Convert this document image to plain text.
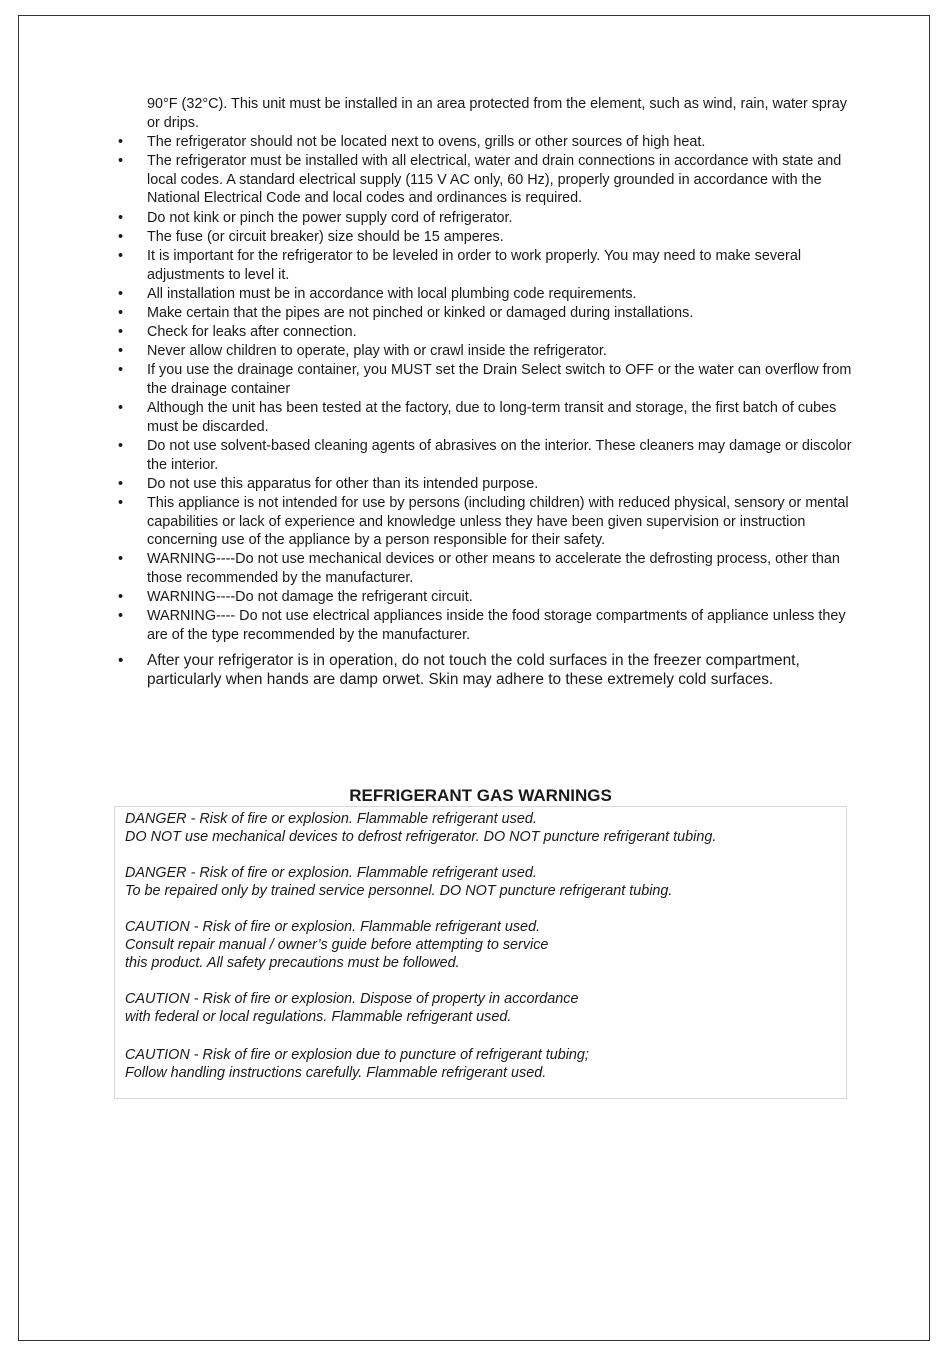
90°F (32°C). This unit must be installed in an area protected from the element, such as wind, rain, water spray or drips.
•	The refrigerator should not be located next to ovens, grills or other sources of high heat.
•	The refrigerator must be installed with all electrical, water and drain connections in accordance with state and local codes. A standard electrical supply (115 V AC only, 60 Hz), properly grounded in accordance with the National Electrical Code and local codes and ordinances is required.
•	Do not kink or pinch the power supply cord of refrigerator.
•	The fuse (or circuit breaker) size should be 15 amperes.
•	It is important for the refrigerator to be leveled in order to work properly. You may need to make several adjustments to level it.
•	All installation must be in accordance with local plumbing code requirements.
•	Make certain that the pipes are not pinched or kinked or damaged during installations.
•	Check for leaks after connection.
•	Never allow children to operate, play with or crawl inside the refrigerator.
•	If you use the drainage container, you MUST set the Drain Select switch to OFF or the water can overflow from the drainage container
•	Although the unit has been tested at the factory, due to long-term transit and storage, the first batch of cubes must be discarded.
•	Do not use solvent-based cleaning agents of abrasives on the interior. These cleaners may damage or discolor the interior.
•	Do not use this apparatus for other than its intended purpose.
•	This appliance is not intended for use by persons (including children) with reduced physical, sensory or mental capabilities or lack of experience and knowledge unless they have been given supervision or instruction concerning use of the appliance by a person responsible for their safety.
•	WARNING----Do not use mechanical devices or other means to accelerate the defrosting process, other than those recommended by the manufacturer.
•	WARNING----Do not damage the refrigerant circuit.
•	WARNING---- Do not use electrical appliances inside the food storage compartments of appliance unless they are of the type recommended by the manufacturer.
•	After your refrigerator is in operation, do not touch the cold surfaces in the freezer compartment, particularly when hands are damp orwet. Skin may adhere to these extremely cold surfaces.
REFRIGERANT GAS WARNINGS
DANGER - Risk of fire or explosion. Flammable refrigerant used.
DO NOT use mechanical devices to defrost refrigerator. DO NOT puncture refrigerant tubing.
DANGER - Risk of fire or explosion. Flammable refrigerant used.
To be repaired only by trained service personnel. DO NOT puncture refrigerant tubing.
CAUTION - Risk of fire or explosion. Flammable refrigerant used.
Consult repair manual / owner’s guide before attempting to service
this product. All safety precautions must be followed.
CAUTION - Risk of fire or explosion. Dispose of property in accordance
with federal or local regulations. Flammable refrigerant used.
CAUTION - Risk of fire or explosion due to puncture of refrigerant tubing;
Follow handling instructions carefully. Flammable refrigerant used.
